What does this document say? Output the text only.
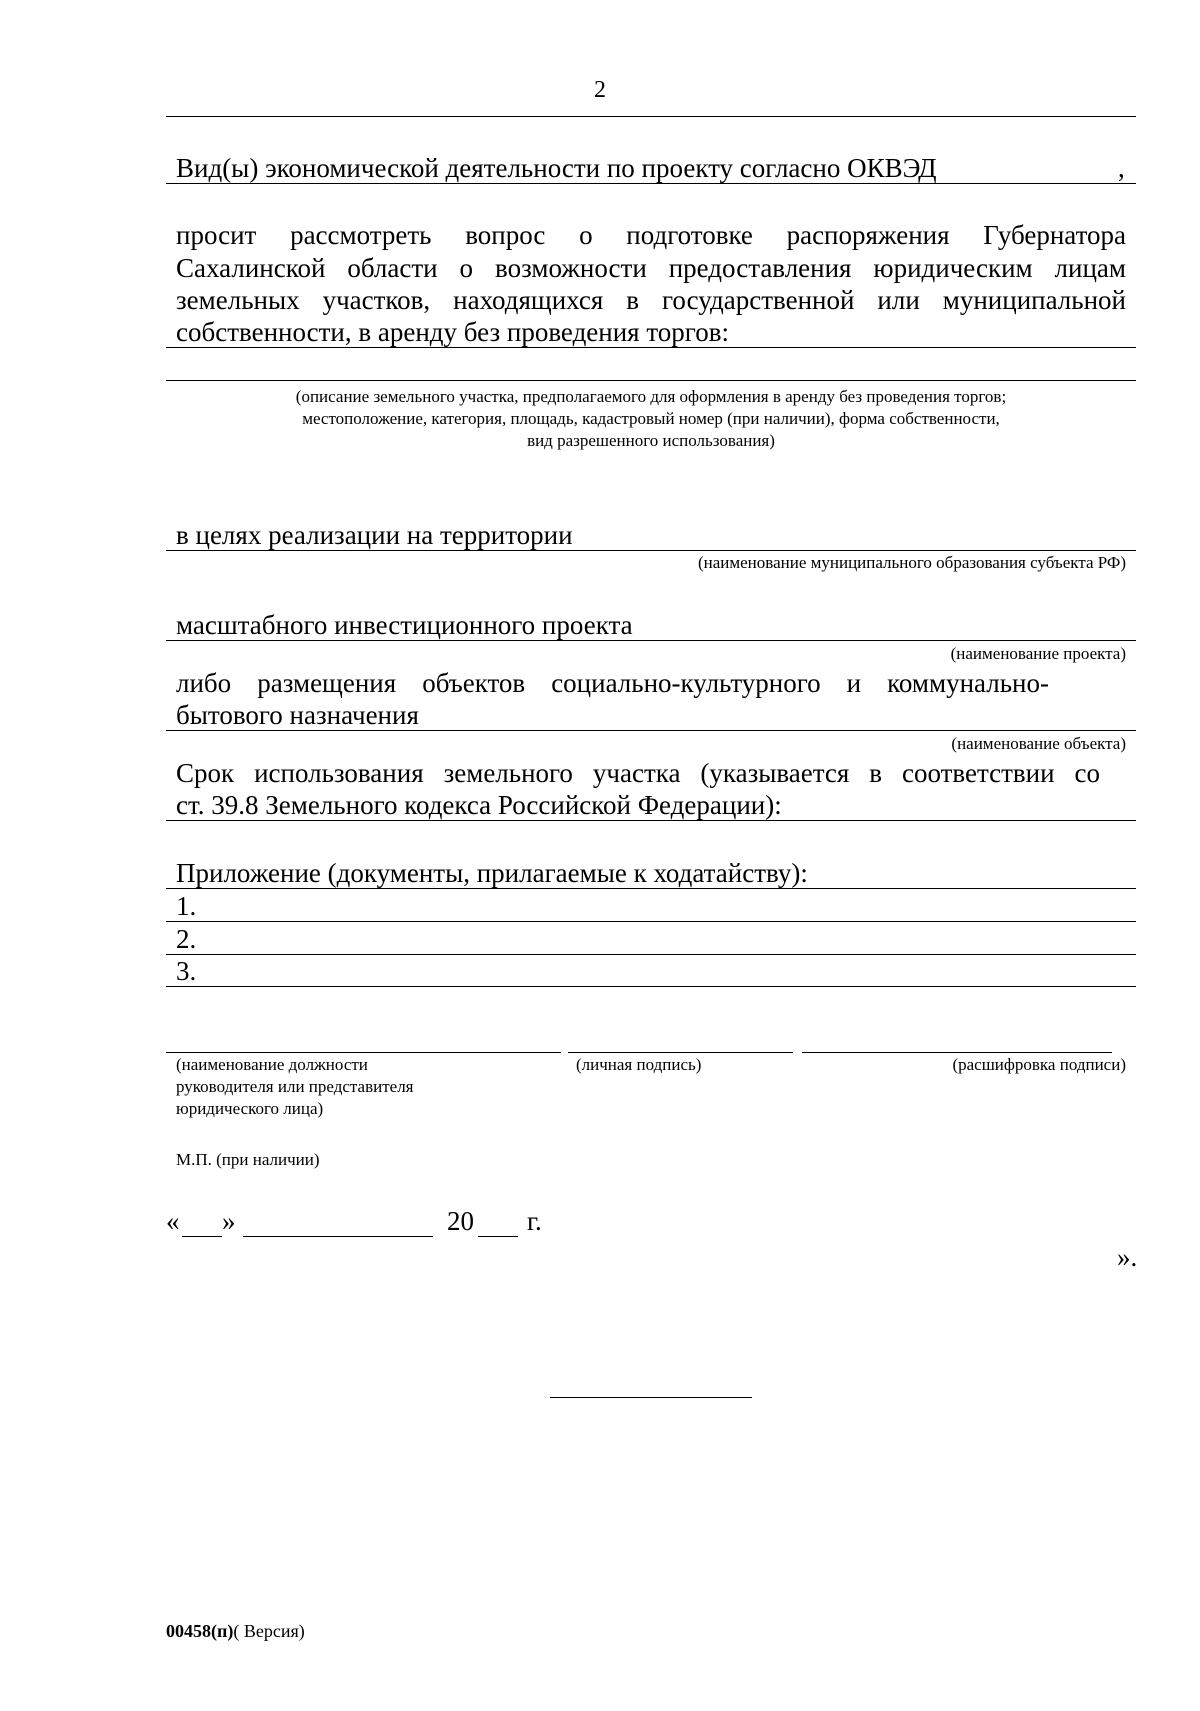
2
Вид(ы) экономической деятельности по проекту согласно ОКВЭД	,
просит рассмотреть вопрос о подготовке распоряжения Губернатора
Сахалинской области о возможности предоставления юридическим лицам
земельных участков, находящихся в государственной или муниципальной
собственности, в аренду без проведения торгов:
(описание земельного участка, предполагаемого для оформления в аренду без проведения торгов;
местоположение, категория, площадь, кадастровый номер (при наличии), форма собственности,
вид разрешенного использования)
в целях реализации на территории
(наименование муниципального образования субъекта РФ)
масштабного инвестиционного проекта
(наименование проекта)
либо размещения объектов социально-культурного и коммунально-
бытового назначения
(наименование объекта)
Срок использования земельного участка (указывается в соответствии со
ст. 39.8 Земельного кодекса Российской Федерации):
Приложение (документы, прилагаемые к ходатайству):
1.
2.
3.
(наименование должности
руководителя или представителя
юридического лица)
(личная подпись)	(расшифровка подписи)
М.П. (при наличии)
« »	20 г.
».
00458(п)( Версия)
